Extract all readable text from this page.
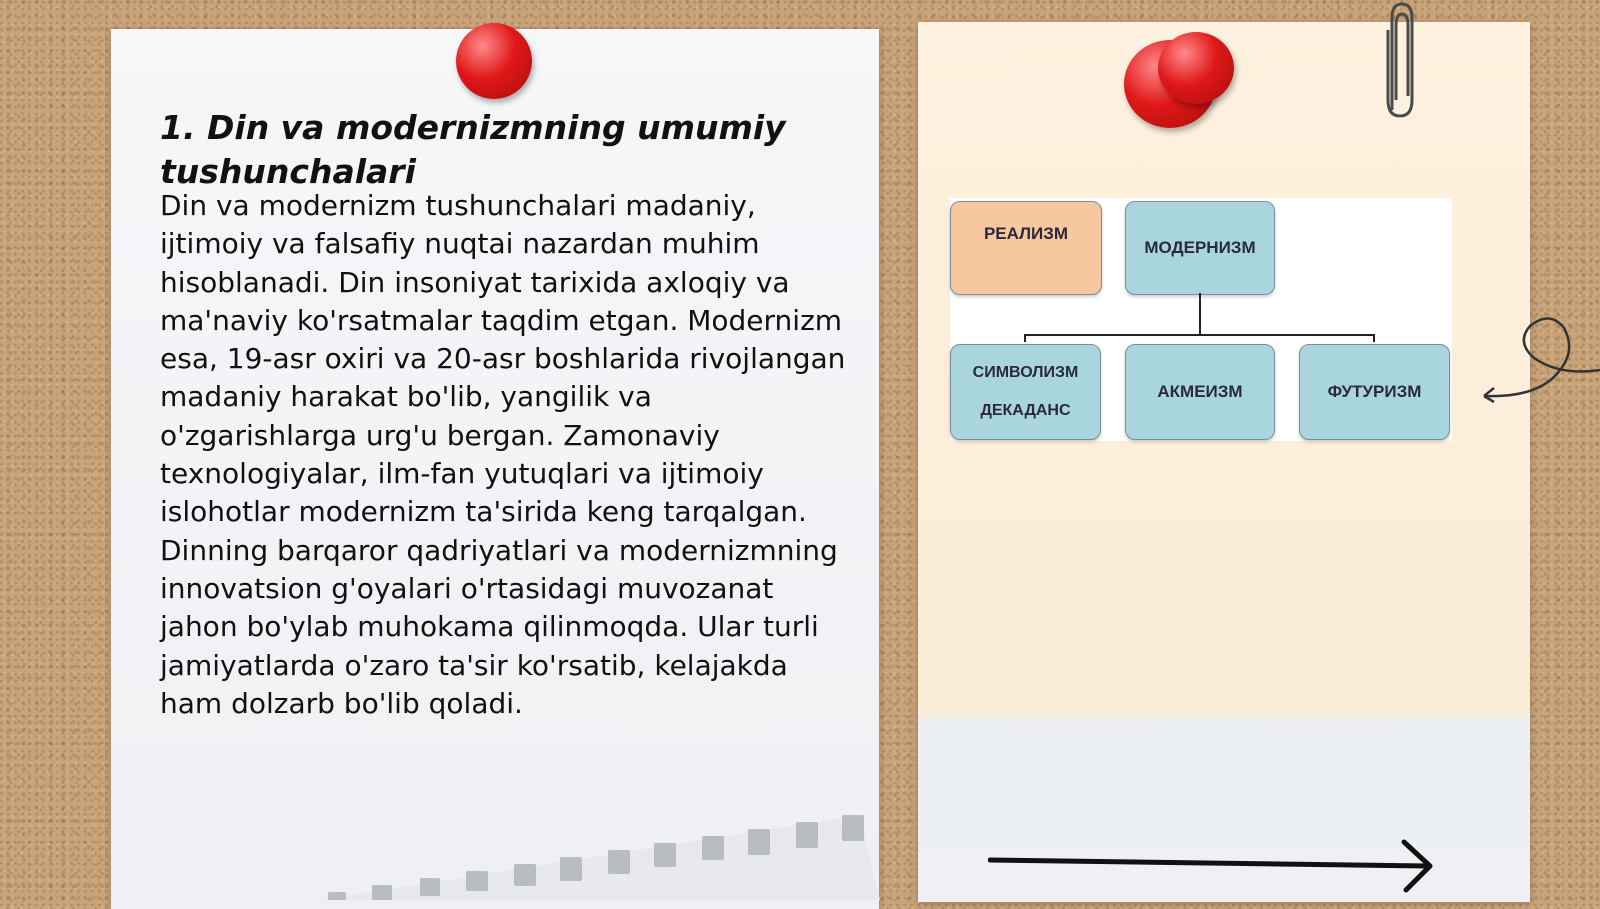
1. Din va modernizmning umumiy tushunchalari
Din va modernizm tushunchalari madaniy, ijtimoiy va falsafiy nuqtai nazardan muhim hisoblanadi. Din insoniyat tarixida axloqiy va ma'naviy ko'rsatmalar taqdim etgan. Modernizm esa, 19-asr oxiri va 20-asr boshlarida rivojlangan madaniy harakat bo'lib, yangilik va o'zgarishlarga urg'u bergan. Zamonaviy texnologiyalar, ilm-fan yutuqlari va ijtimoiy islohotlar modernizm ta'sirida keng tarqalgan. Dinning barqaror qadriyatlari va modernizmning innovatsion g'oyalari o'rtasidagi muvozanat jahon bo'ylab muhokama qilinmoqda. Ular turli jamiyatlarda o'zaro ta'sir ko'rsatib, kelajakda ham dolzarb bo'lib qoladi.
РЕАЛИЗМ
МОДЕРНИЗМ
СИМВОЛИЗМ
ДЕКАДАНС
АКМЕИЗМ	ФУТУРИЗМ
